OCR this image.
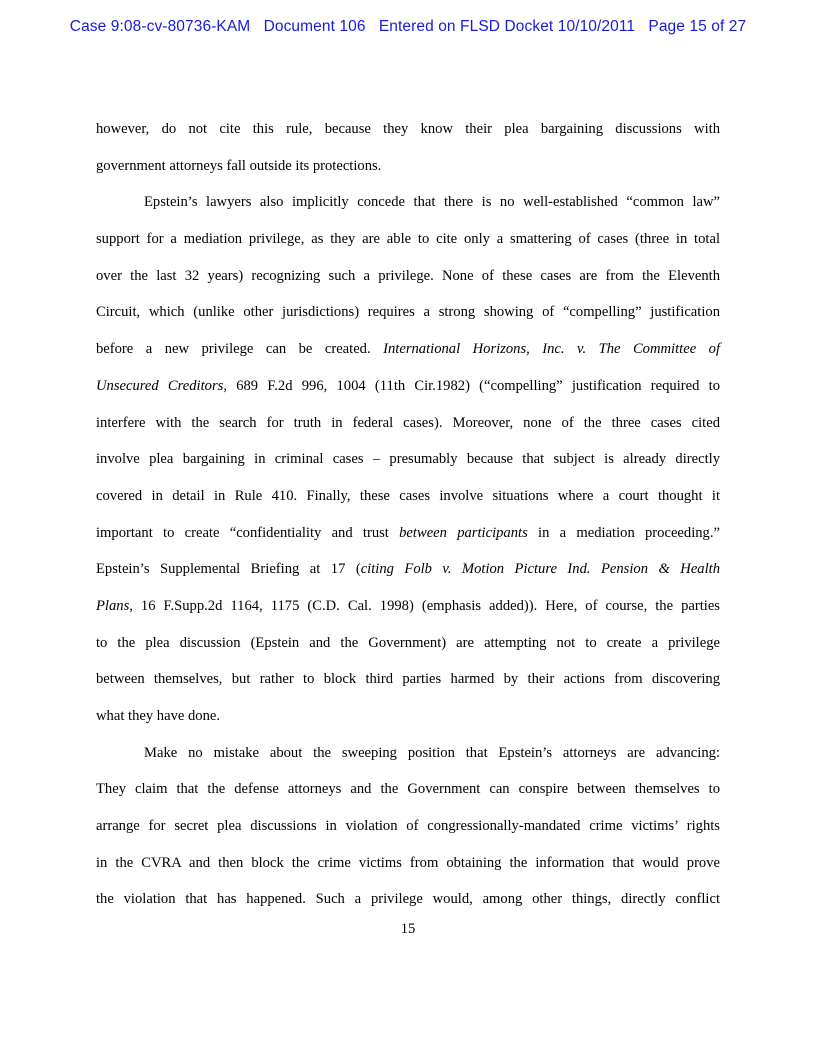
Case 9:08-cv-80736-KAM Document 106 Entered on FLSD Docket 10/10/2011 Page 15 of 27
however, do not cite this rule, because they know their plea bargaining discussions with
government attorneys fall outside its protections.
Epstein’s lawyers also implicitly concede that there is no well-established “common law”
support for a mediation privilege, as they are able to cite only a smattering of cases (three in total
over the last 32 years) recognizing such a privilege. None of these cases are from the Eleventh
Circuit, which (unlike other jurisdictions) requires a strong showing of “compelling” justification
before a new privilege can be created. International Horizons, Inc. v. The Committee of
Unsecured Creditors, 689 F.2d 996, 1004 (11th Cir.1982) (“compelling” justification required to
interfere with the search for truth in federal cases). Moreover, none of the three cases cited
involve plea bargaining in criminal cases – presumably because that subject is already directly
covered in detail in Rule 410. Finally, these cases involve situations where a court thought it
important to create “confidentiality and trust between participants in a mediation proceeding.”
Epstein’s Supplemental Briefing at 17 (citing Folb v. Motion Picture Ind. Pension & Health
Plans, 16 F.Supp.2d 1164, 1175 (C.D. Cal. 1998) (emphasis added)). Here, of course, the parties
to the plea discussion (Epstein and the Government) are attempting not to create a privilege
between themselves, but rather to block third parties harmed by their actions from discovering
what they have done.
Make no mistake about the sweeping position that Epstein’s attorneys are advancing:
They claim that the defense attorneys and the Government can conspire between themselves to
arrange for secret plea discussions in violation of congressionally-mandated crime victims’ rights
in the CVRA and then block the crime victims from obtaining the information that would prove
the violation that has happened. Such a privilege would, among other things, directly conflict
15
